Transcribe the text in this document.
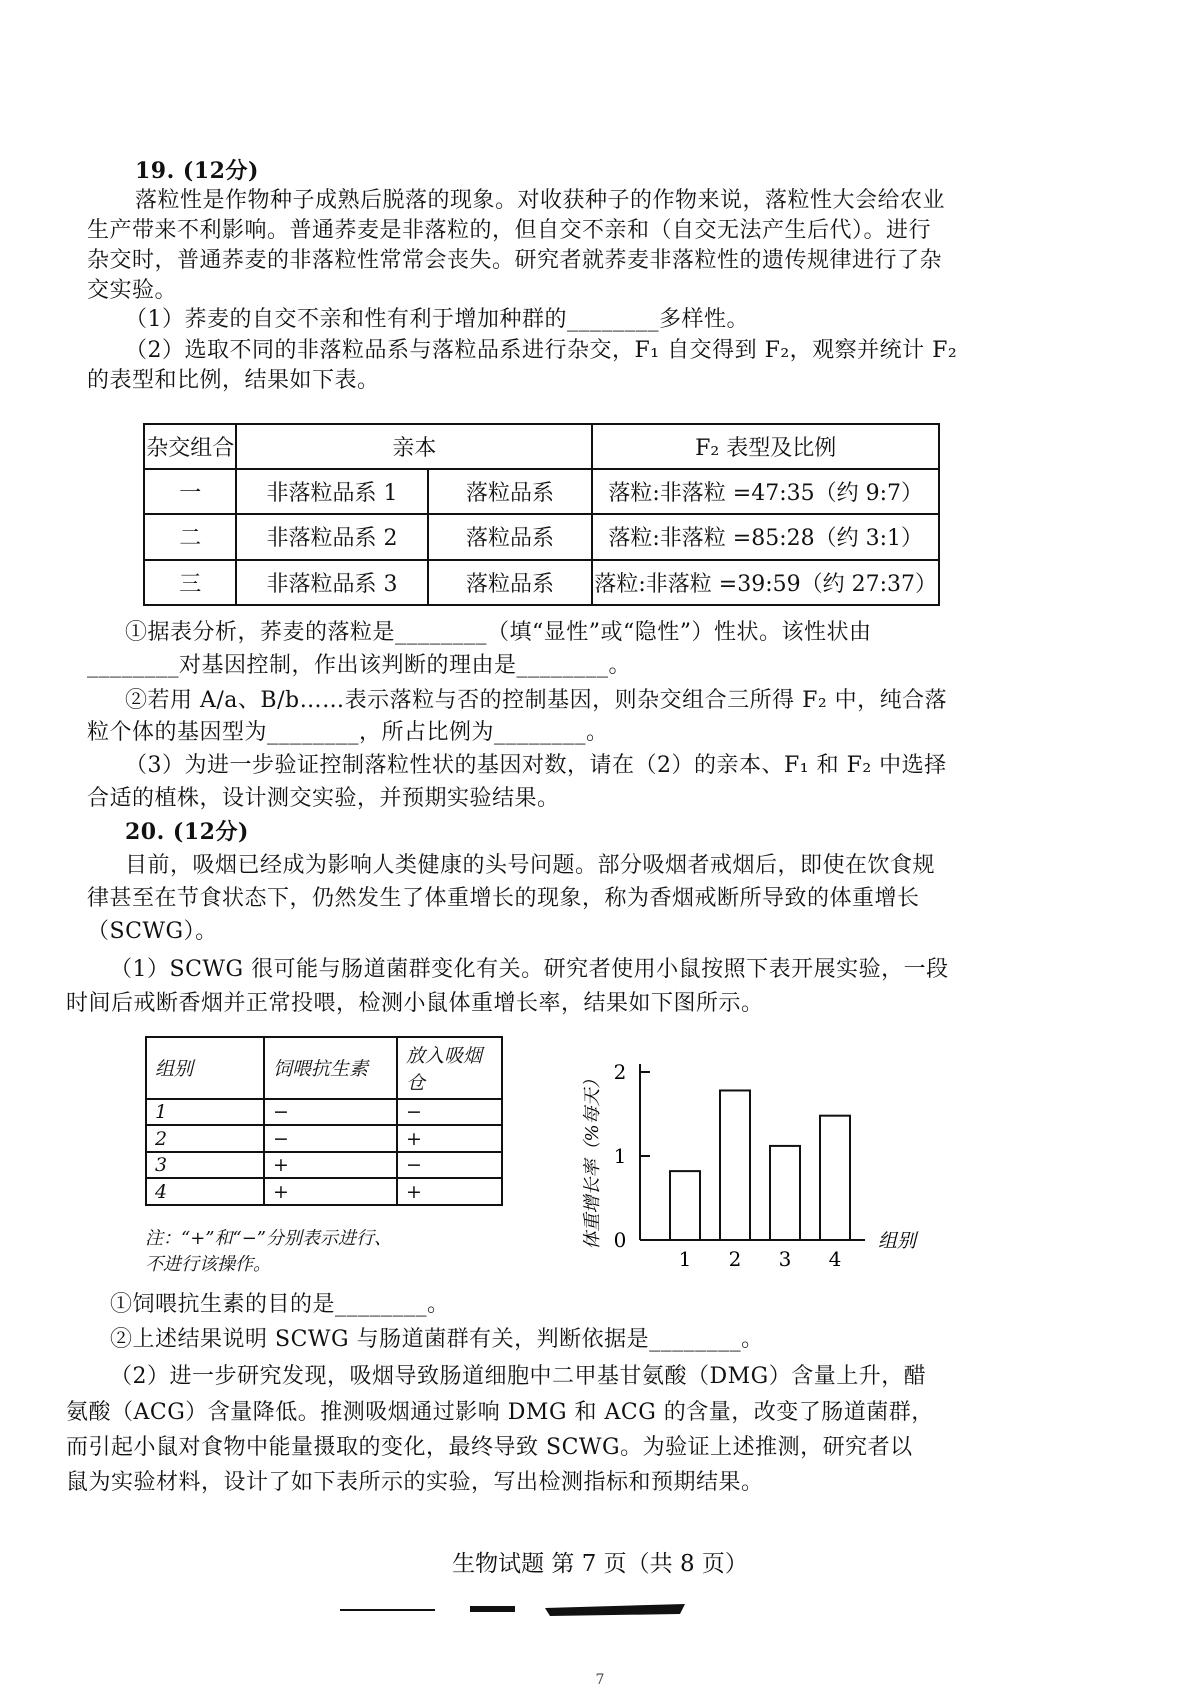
19. (12分)
落粒性是作物种子成熟后脱落的现象。对收获种子的作物来说，落粒性大会给农业
生产带来不利影响。普通荞麦是非落粒的，但自交不亲和（自交无法产生后代）。进行
杂交时，普通荞麦的非落粒性常常会丧失。研究者就荞麦非落粒性的遗传规律进行了杂
交实验。
（1）荞麦的自交不亲和性有利于增加种群的________多样性。
（2）选取不同的非落粒品系与落粒品系进行杂交，F₁ 自交得到 F₂，观察并统计 F₂
的表型和比例，结果如下表。
杂交组合	亲本		F₂ 表型及比例
一	非落粒品系 1	落粒品系	落粒:非落粒 =47:35（约 9:7）
二	非落粒品系 2	落粒品系	落粒:非落粒 =85:28（约 3:1）
三	非落粒品系 3	落粒品系	落粒:非落粒 =39:59（约 27:37）
①据表分析，荞麦的落粒是________（填“显性”或“隐性”）性状。该性状由
________对基因控制，作出该判断的理由是________。
②若用 A/a、B/b……表示落粒与否的控制基因，则杂交组合三所得 F₂ 中，纯合落
粒个体的基因型为________，所占比例为________。
（3）为进一步验证控制落粒性状的基因对数，请在（2）的亲本、F₁ 和 F₂ 中选择
合适的植株，设计测交实验，并预期实验结果。
20. (12分)
目前，吸烟已经成为影响人类健康的头号问题。部分吸烟者戒烟后，即使在饮食规
律甚至在节食状态下，仍然发生了体重增长的现象，称为香烟戒断所导致的体重增长
（SCWG）。
（1）SCWG 很可能与肠道菌群变化有关。研究者使用小鼠按照下表开展实验，一段
时间后戒断香烟并正常投喂，检测小鼠体重增长率，结果如下图所示。
组别	饲喂抗生素	放入吸烟仓
1	−	−
2	−	+
3	+	−
4	+	+
注：“+”和“−”分别表示进行、
不进行该操作。
0
1
2
体重增长率（%每天）
1 2 3 4
组别
①饲喂抗生素的目的是________。
②上述结果说明 SCWG 与肠道菌群有关，判断依据是________。
（2）进一步研究发现，吸烟导致肠道细胞中二甲基甘氨酸（DMG）含量上升，醋
氨酸（ACG）含量降低。推测吸烟通过影响 DMG 和 ACG 的含量，改变了肠道菌群，
而引起小鼠对食物中能量摄取的变化，最终导致 SCWG。为验证上述推测，研究者以
鼠为实验材料，设计了如下表所示的实验，写出检测指标和预期结果。
生物试题 第 7 页（共 8 页）
7
